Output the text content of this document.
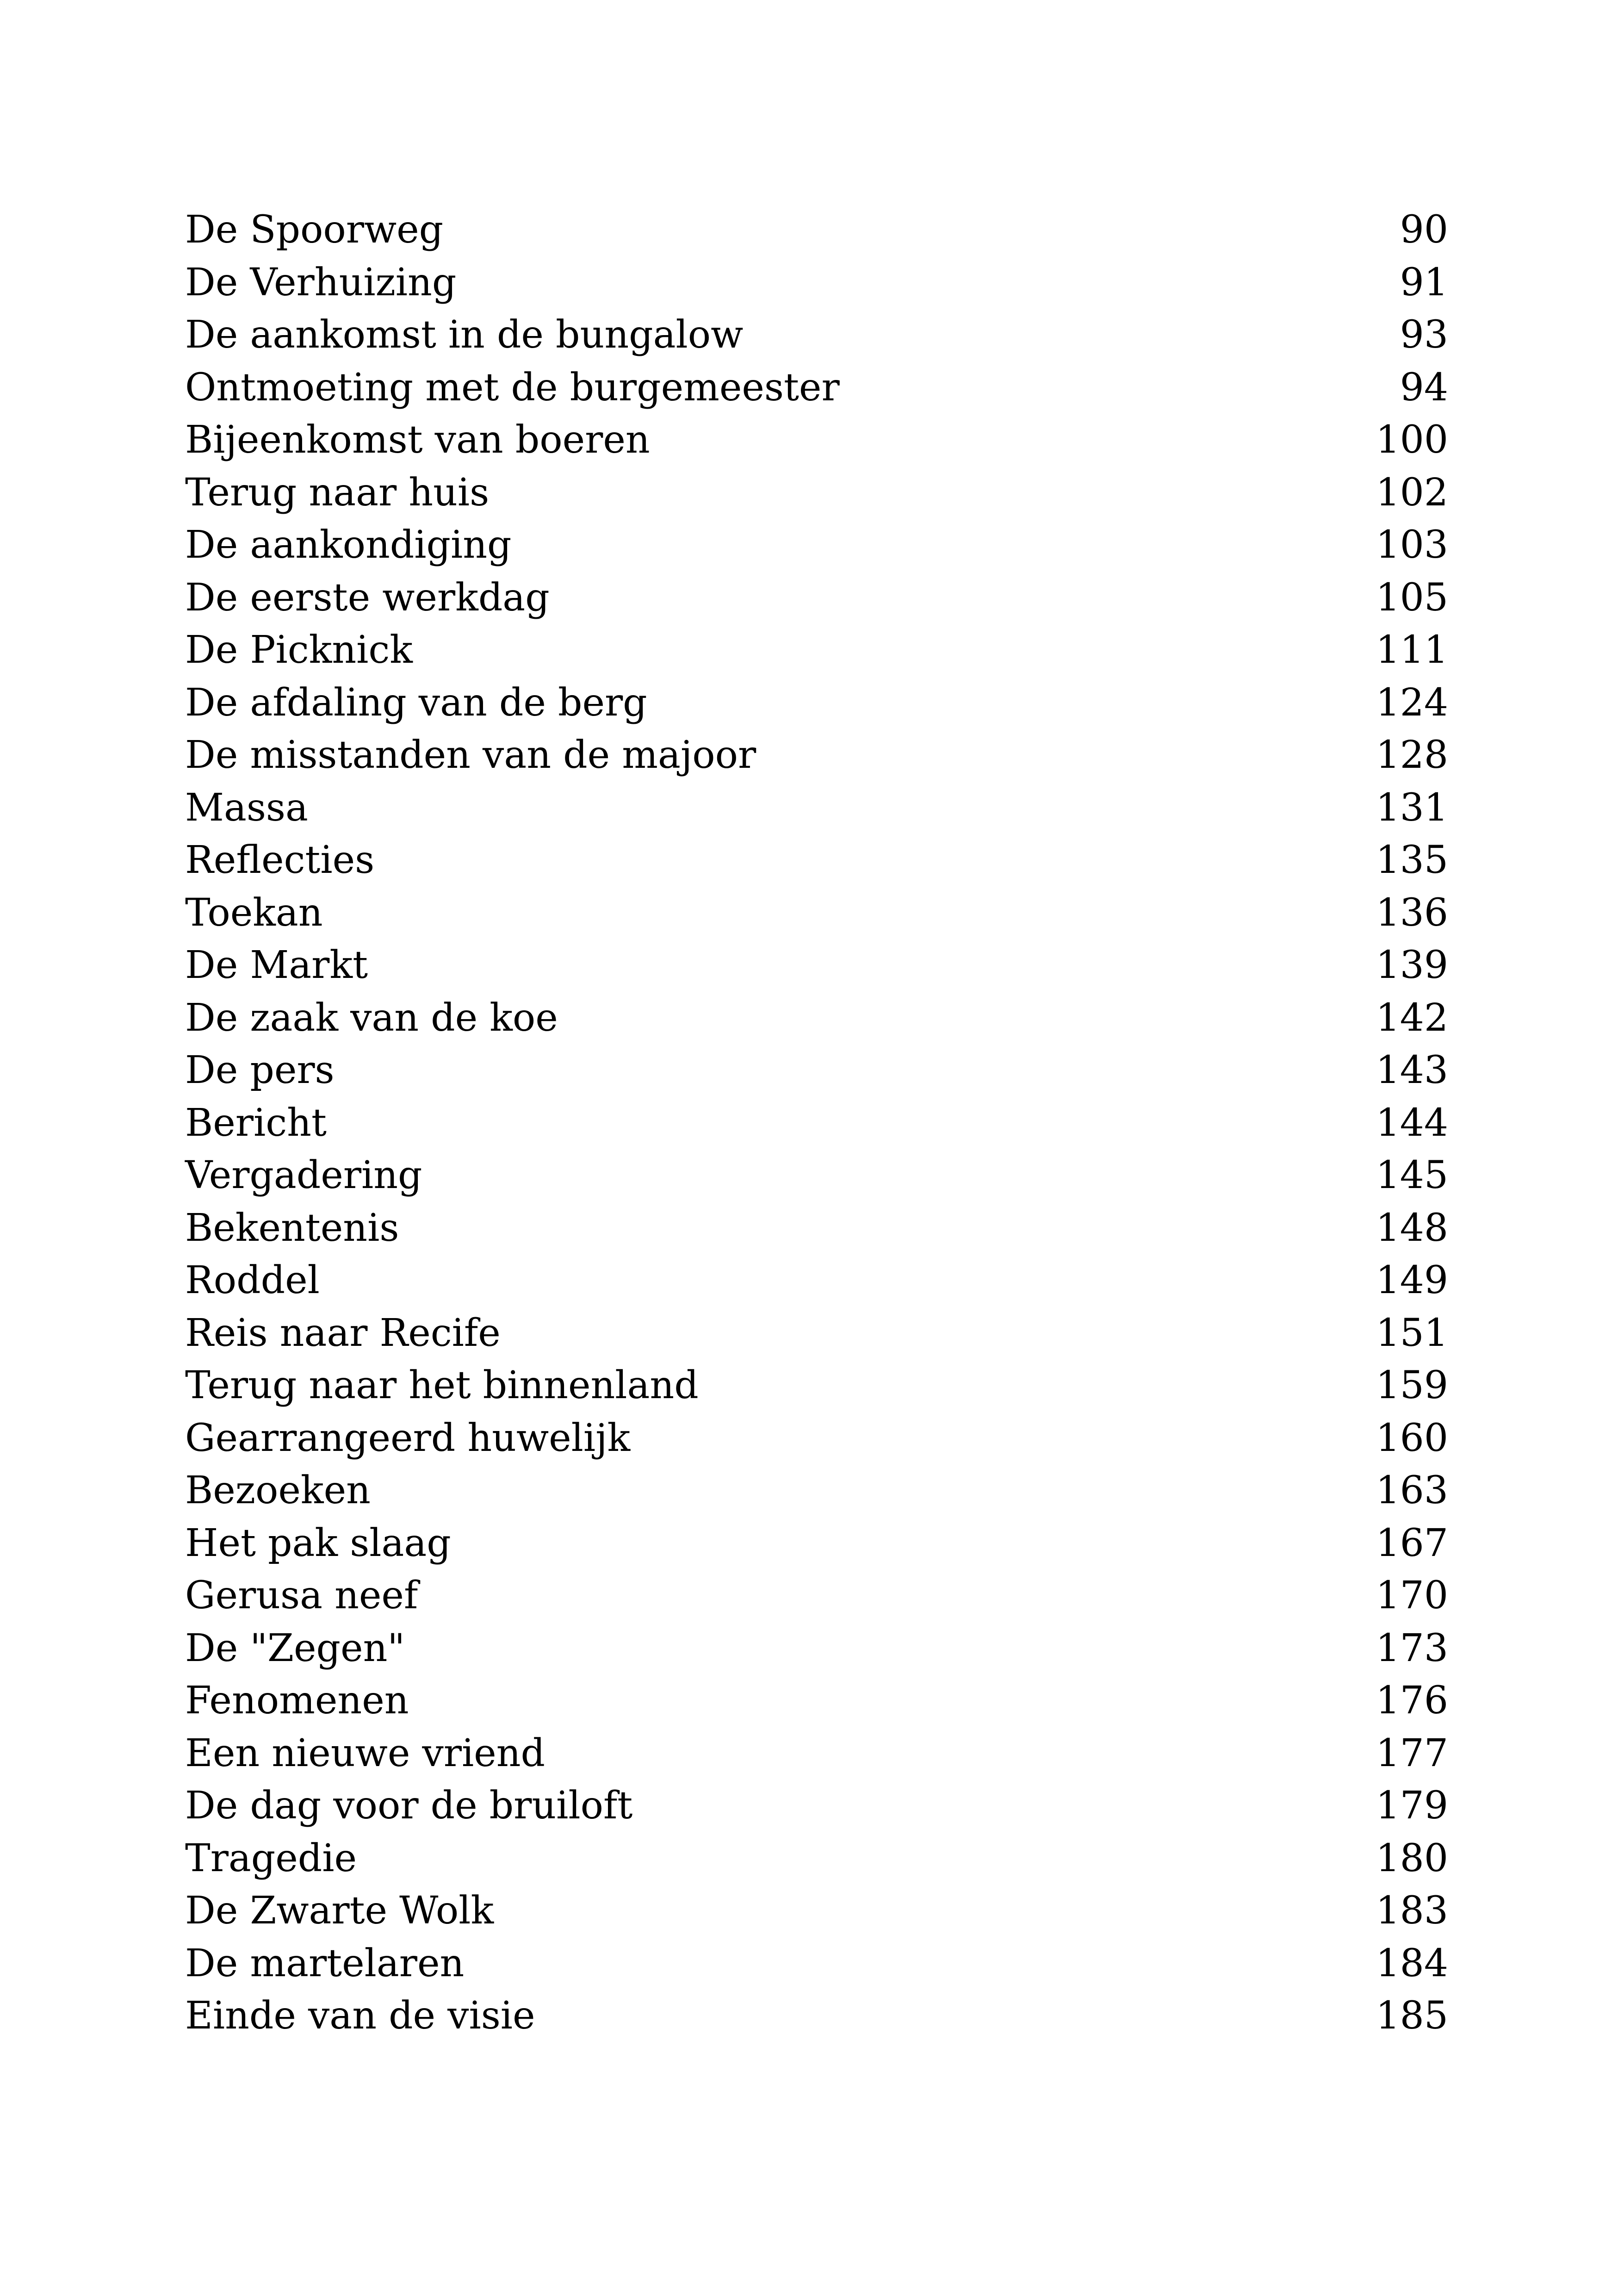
De Spoorweg	90
De Verhuizing	91
De aankomst in de bungalow	93
Ontmoeting met de burgemeester	94
Bijeenkomst van boeren	100
Terug naar huis	102
De aankondiging	103
De eerste werkdag	105
De Picknick	111
De afdaling van de berg	124
De misstanden van de majoor	128
Massa	131
Reflecties	135
Toekan	136
De Markt	139
De zaak van de koe	142
De pers	143
Bericht	144
Vergadering	145
Bekentenis	148
Roddel	149
Reis naar Recife	151
Terug naar het binnenland	159
Gearrangeerd huwelijk	160
Bezoeken	163
Het pak slaag	167
Gerusa neef	170
De "Zegen"	173
Fenomenen	176
Een nieuwe vriend	177
De dag voor de bruiloft	179
Tragedie	180
De Zwarte Wolk	183
De martelaren	184
Einde van de visie	185
